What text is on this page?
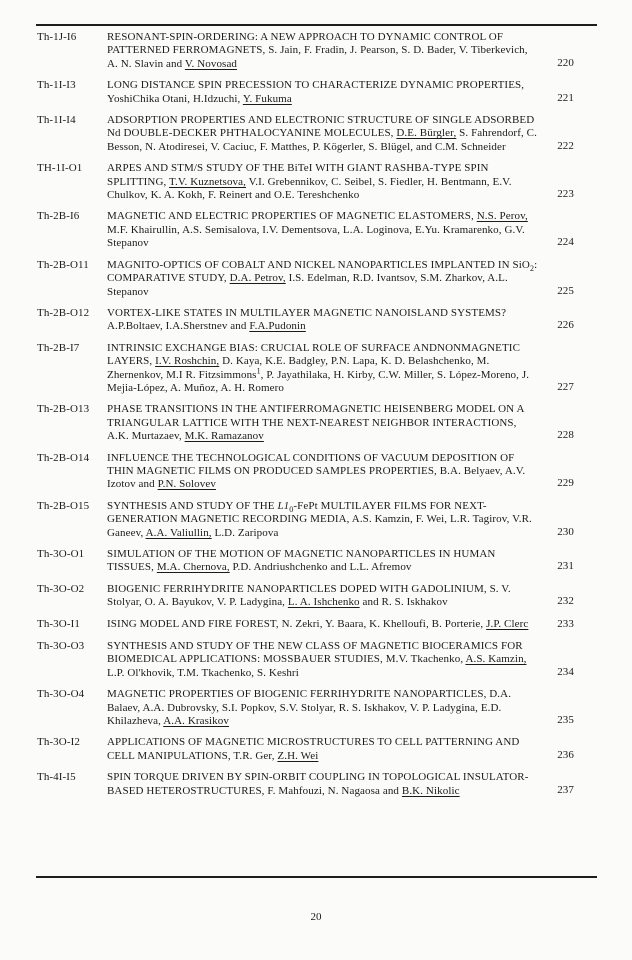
Th-1J-I6	RESONANT-SPIN-ORDERING: A NEW APPROACH TO DYNAMIC CONTROL OF PATTERNED FERROMAGNETS, S. Jain, F. Fradin, J. Pearson, S. D. Bader, V. Tiberkevich, A. N. Slavin and V. Novosad	220
Th-1I-I3	LONG DISTANCE SPIN PRECESSION TO CHARACTERIZE DYNAMIC PROPERTIES, YoshiChika Otani, H.Idzuchi, Y. Fukuma	221
Th-1I-I4	ADSORPTION PROPERTIES AND ELECTRONIC STRUCTURE OF SINGLE ADSORBED Nd DOUBLE-DECKER PHTHALOCYANINE MOLECULES, D.E. Bürgler, S. Fahrendorf, C. Besson, N. Atodiresei, V. Caciuc, F. Matthes, P. Kögerler, S. Blügel, and C.M. Schneider	222
TH-1I-O1	ARPES AND STM/S STUDY OF THE BiTeI WITH GIANT RASHBA-TYPE SPIN SPLITTING, T.V. Kuznetsova, V.I. Grebennikov, C. Seibel, S. Fiedler, H. Bentmann, E.V. Chulkov, K. A. Kokh, F. Reinert and O.E. Tereshchenko	223
Th-2B-I6	MAGNETIC AND ELECTRIC PROPERTIES OF MAGNETIC ELASTOMERS, N.S. Perov, M.F. Khairullin, A.S. Semisalova, I.V. Dementsova, L.A. Loginova, E.Yu. Kramarenko, G.V. Stepanov	224
Th-2B-O11	MAGNITO-OPTICS OF COBALT AND NICKEL NANOPARTICLES IMPLANTED IN SiO$_2$: COMPARATIVE STUDY, D.A. Petrov, I.S. Edelman, R.D. Ivantsov, S.M. Zharkov, A.L. Stepanov	225
Th-2B-O12	VORTEX-LIKE STATES IN MULTILAYER MAGNETIC NANOISLAND SYSTEMS? A.P.Boltaev, I.A.Sherstnev and F.A.Pudonin	226
Th-2B-I7	INTRINSIC EXCHANGE BIAS: CRUCIAL ROLE OF SURFACE ANDNONMAGNETIC LAYERS, I.V. Roshchin, D. Kaya, K.E. Badgley, P.N. Lapa, K. D. Belashchenko, M. Zhernenkov, M.I R. Fitzsimmons$^1$, P. Jayathilaka, H. Kirby, C.W. Miller, S. López-Moreno, J. Mejia-López, A. Muñoz, A. H. Romero	227
Th-2B-O13	PHASE TRANSITIONS IN THE ANTIFERROMAGNETIC HEISENBERG MODEL ON A TRIANGULAR LATTICE WITH THE NEXT-NEAREST NEIGHBOR INTERACTIONS, A.K. Murtazaev, M.K. Ramazanov	228
Th-2B-O14	INFLUENCE THE TECHNOLOGICAL CONDITIONS OF VACUUM DEPOSITION OF THIN MAGNETIC FILMS ON PRODUCED SAMPLES PROPERTIES, B.A. Belyaev, A.V. Izotov and P.N. Solovev	229
Th-2B-O15	SYNTHESIS AND STUDY OF THE $L1_0$-FePt MULTILAYER FILMS FOR NEXT-GENERATION MAGNETIC RECORDING MEDIA, A.S. Kamzin, F. Wei, L.R. Tagirov, V.R. Ganeev, A.A. Valiullin, L.D. Zaripova	230
Th-3O-O1	SIMULATION OF THE MOTION OF MAGNETIC NANOPARTICLES IN HUMAN TISSUES, M.A. Chernova, P.D. Andriushchenko and L.L. Afremov	231
Th-3O-O2	BIOGENIC FERRIHYDRITE NANOPARTICLES DOPED WITH GADOLINIUM, S. V. Stolyar, O. A. Bayukov, V. P. Ladygina, L. A. Ishchenko and R. S. Iskhakov	232
Th-3O-I1	ISING MODEL AND FIRE FOREST, N. Zekri, Y. Baara, K. Khelloufi, B. Porterie, J.P. Clerc	233
Th-3O-O3	SYNTHESIS AND STUDY OF THE NEW CLASS OF MAGNETIC BIOCERAMICS FOR BIOMEDICAL APPLICATIONS: MOSSBAUER STUDIES, M.V. Tkachenko, A.S. Kamzin, L.P. Ol'khovik, T.M. Tkachenko, S. Keshri	234
Th-3O-O4	MAGNETIC PROPERTIES OF BIOGENIC FERRIHYDRITE NANOPARTICLES, D.A. Balaev, A.A. Dubrovsky, S.I. Popkov, S.V. Stolyar, R. S. Iskhakov, V. P. Ladygina, E.D. Khilazheva, A.A. Krasikov	235
Th-3O-I2	APPLICATIONS OF MAGNETIC MICROSTRUCTURES TO CELL PATTERNING AND CELL MANIPULATIONS, T.R. Ger, Z.H. Wei	236
Th-4I-I5	SPIN TORQUE DRIVEN BY SPIN-ORBIT COUPLING IN TOPOLOGICAL INSULATOR-BASED HETEROSTRUCTURES, F. Mahfouzi, N. Nagaosa and B.K. Nikolic	237
20
